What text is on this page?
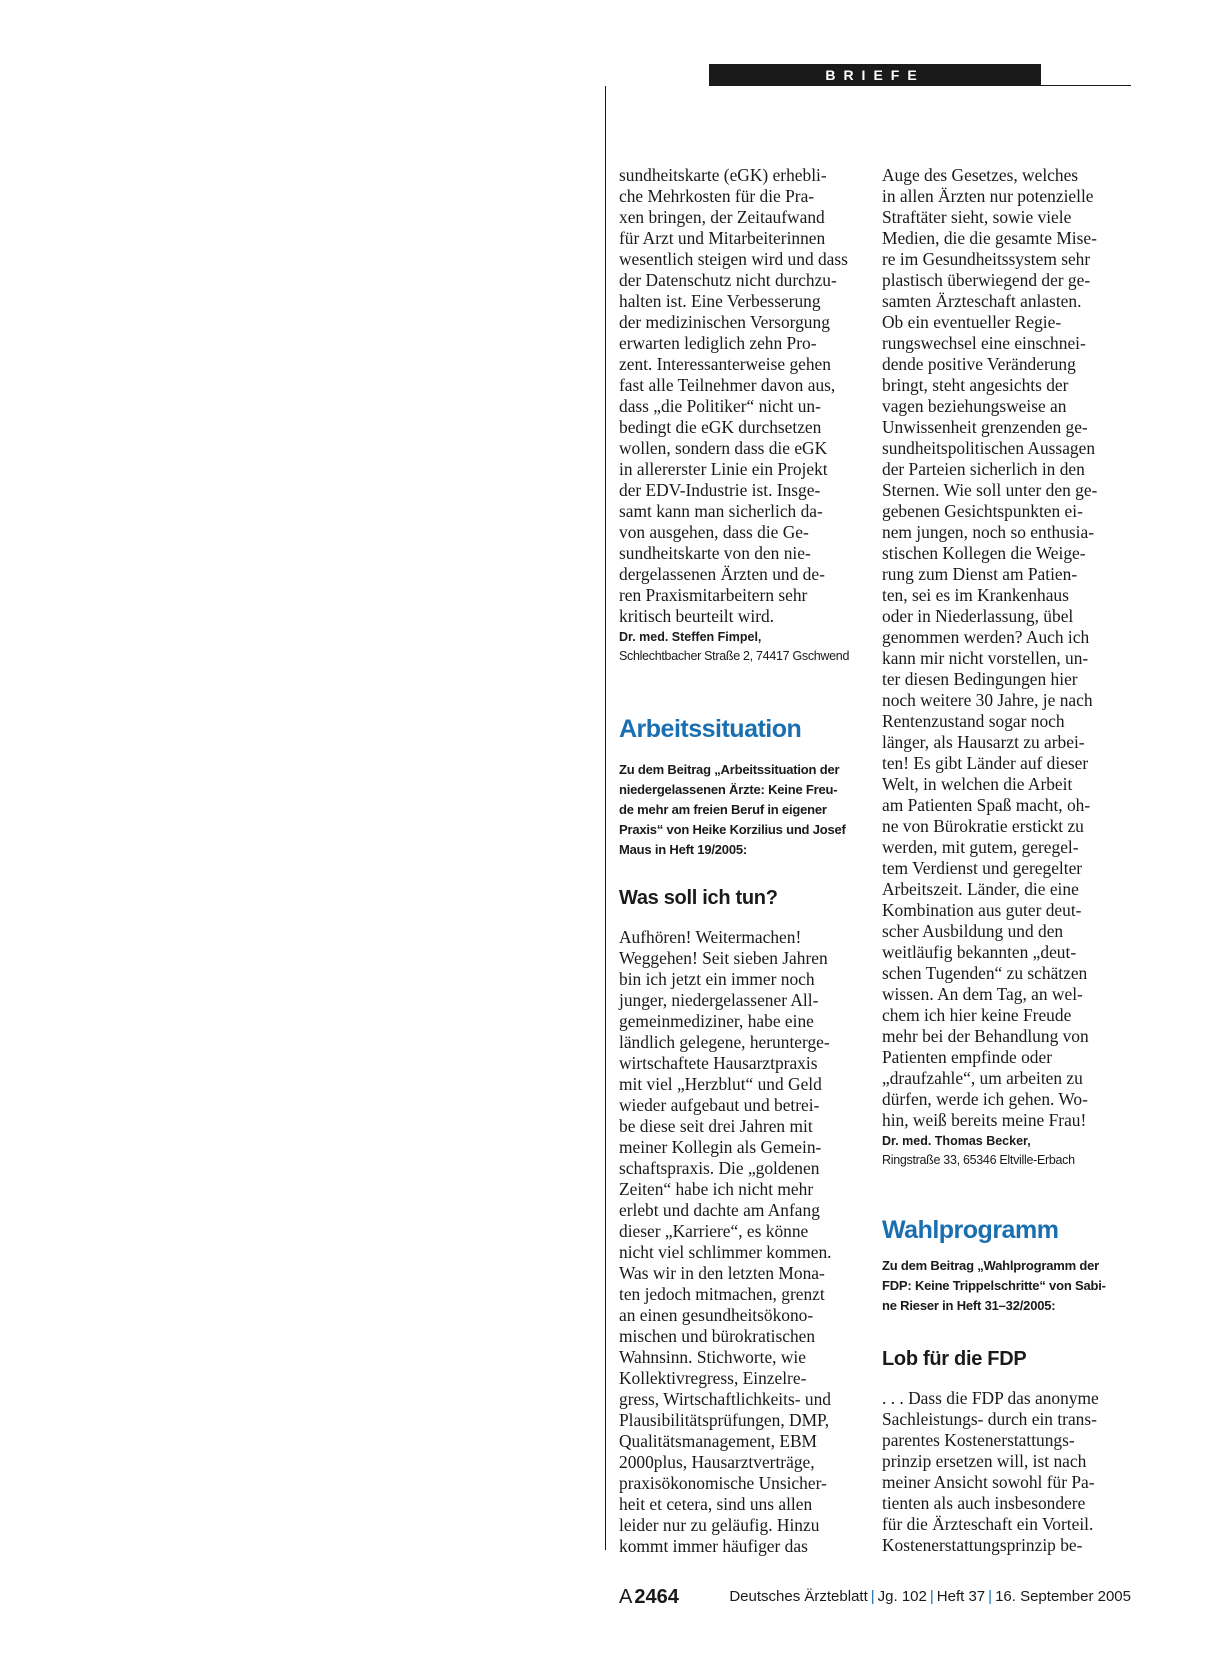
BRIEFE
sundheitskarte (eGK) erhebli-
che Mehrkosten für die Pra-
xen bringen, der Zeitaufwand
für Arzt und Mitarbeiterinnen
wesentlich steigen wird und dass
der Datenschutz nicht durchzu-
halten ist. Eine Verbesserung
der medizinischen Versorgung
erwarten lediglich zehn Pro-
zent. Interessanterweise gehen
fast alle Teilnehmer davon aus,
dass „die Politiker“ nicht un-
bedingt die eGK durchsetzen
wollen, sondern dass die eGK
in allererster Linie ein Projekt
der EDV-Industrie ist. Insge-
samt kann man sicherlich da-
von ausgehen, dass die Ge-
sundheitskarte von den nie-
dergelassenen Ärzten und de-
ren Praxismitarbeitern sehr
kritisch beurteilt wird.
Dr. med. Steffen Fimpel,
Schlechtbacher Straße 2, 74417 Gschwend
Arbeitssituation
Zu dem Beitrag „Arbeitssituation der
niedergelassenen Ärzte: Keine Freu-
de mehr am freien Beruf in eigener
Praxis“ von Heike Korzilius und Josef
Maus in Heft 19/2005:
Was soll ich tun?
Aufhören! Weitermachen!
Weggehen! Seit sieben Jahren
bin ich jetzt ein immer noch
junger, niedergelassener All-
gemeinmediziner, habe eine
ländlich gelegene, herunterge-
wirtschaftete Hausarztpraxis
mit viel „Herzblut“ und Geld
wieder aufgebaut und betrei-
be diese seit drei Jahren mit
meiner Kollegin als Gemein-
schaftspraxis. Die „goldenen
Zeiten“ habe ich nicht mehr
erlebt und dachte am Anfang
dieser „Karriere“, es könne
nicht viel schlimmer kommen.
Was wir in den letzten Mona-
ten jedoch mitmachen, grenzt
an einen gesundheitsökono-
mischen und bürokratischen
Wahnsinn. Stichworte, wie
Kollektivregress, Einzelre-
gress, Wirtschaftlichkeits- und
Plausibilitätsprüfungen, DMP,
Qualitätsmanagement, EBM
2000plus, Hausarztverträge,
praxisökonomische Unsicher-
heit et cetera, sind uns allen
leider nur zu geläufig. Hinzu
kommt immer häufiger das
Auge des Gesetzes, welches
in allen Ärzten nur potenzielle
Straftäter sieht, sowie viele
Medien, die die gesamte Mise-
re im Gesundheitssystem sehr
plastisch überwiegend der ge-
samten Ärzteschaft anlasten.
Ob ein eventueller Regie-
rungswechsel eine einschnei-
dende positive Veränderung
bringt, steht angesichts der
vagen beziehungsweise an
Unwissenheit grenzenden ge-
sundheitspolitischen Aussagen
der Parteien sicherlich in den
Sternen. Wie soll unter den ge-
gebenen Gesichtspunkten ei-
nem jungen, noch so enthusia-
stischen Kollegen die Weige-
rung zum Dienst am Patien-
ten, sei es im Krankenhaus
oder in Niederlassung, übel
genommen werden? Auch ich
kann mir nicht vorstellen, un-
ter diesen Bedingungen hier
noch weitere 30 Jahre, je nach
Rentenzustand sogar noch
länger, als Hausarzt zu arbei-
ten! Es gibt Länder auf dieser
Welt, in welchen die Arbeit
am Patienten Spaß macht, oh-
ne von Bürokratie erstickt zu
werden, mit gutem, geregel-
tem Verdienst und geregelter
Arbeitszeit. Länder, die eine
Kombination aus guter deut-
scher Ausbildung und den
weitläufig bekannten „deut-
schen Tugenden“ zu schätzen
wissen. An dem Tag, an wel-
chem ich hier keine Freude
mehr bei der Behandlung von
Patienten empfinde oder
„draufzahle“, um arbeiten zu
dürfen, werde ich gehen. Wo-
hin, weiß bereits meine Frau!
Dr. med. Thomas Becker,
Ringstraße 33, 65346 Eltville-Erbach
Wahlprogramm
Zu dem Beitrag „Wahlprogramm der
FDP: Keine Trippelschritte“ von Sabi-
ne Rieser in Heft 31–32/2005:
Lob für die FDP
. . . Dass die FDP das anonyme
Sachleistungs- durch ein trans-
parentes Kostenerstattungs-
prinzip ersetzen will, ist nach
meiner Ansicht sowohl für Pa-
tienten als auch insbesondere
für die Ärzteschaft ein Vorteil.
Kostenerstattungsprinzip be-
A 2464	Deutsches Ärzteblatt | Jg. 102 | Heft 37 | 16. September 2005
